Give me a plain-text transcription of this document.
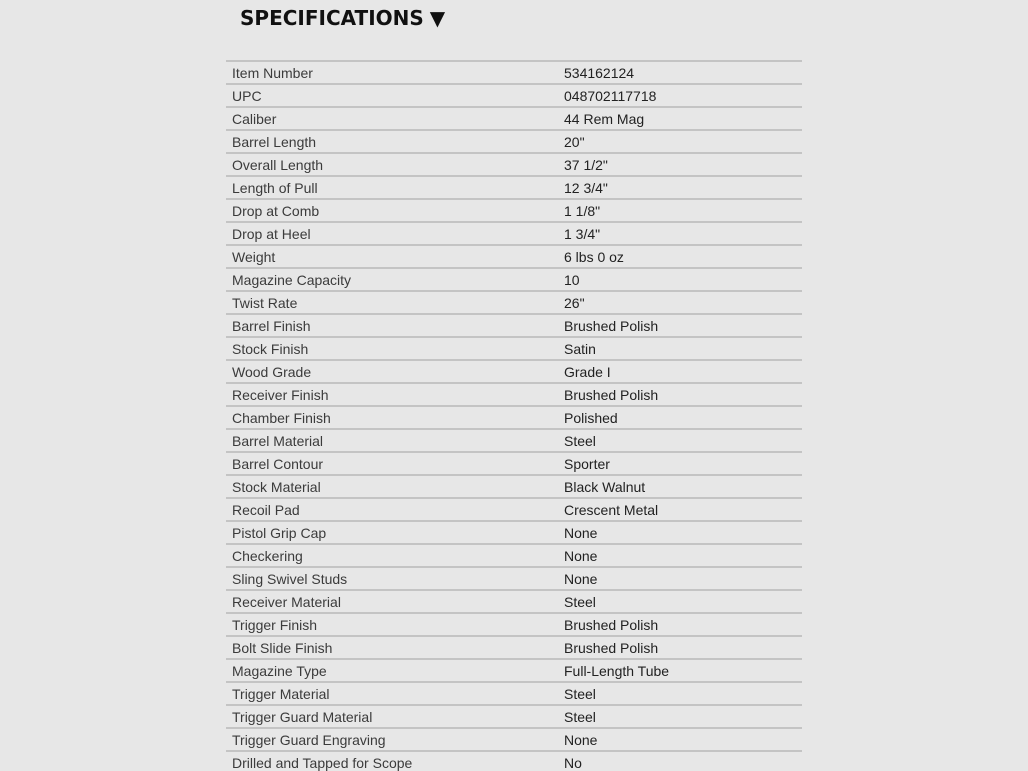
SPECIFICATIONS ▼
Item Number	534162124
UPC	048702117718
Caliber	44 Rem Mag
Barrel Length	20"
Overall Length	37 1/2"
Length of Pull	12 3/4"
Drop at Comb	1 1/8"
Drop at Heel	1 3/4"
Weight	6 lbs 0 oz
Magazine Capacity	10
Twist Rate	26"
Barrel Finish	Brushed Polish
Stock Finish	Satin
Wood Grade	Grade I
Receiver Finish	Brushed Polish
Chamber Finish	Polished
Barrel Material	Steel
Barrel Contour	Sporter
Stock Material	Black Walnut
Recoil Pad	Crescent Metal
Pistol Grip Cap	None
Checkering	None
Sling Swivel Studs	None
Receiver Material	Steel
Trigger Finish	Brushed Polish
Bolt Slide Finish	Brushed Polish
Magazine Type	Full-Length Tube
Trigger Material	Steel
Trigger Guard Material	Steel
Trigger Guard Engraving	None
Drilled and Tapped for Scope	No
